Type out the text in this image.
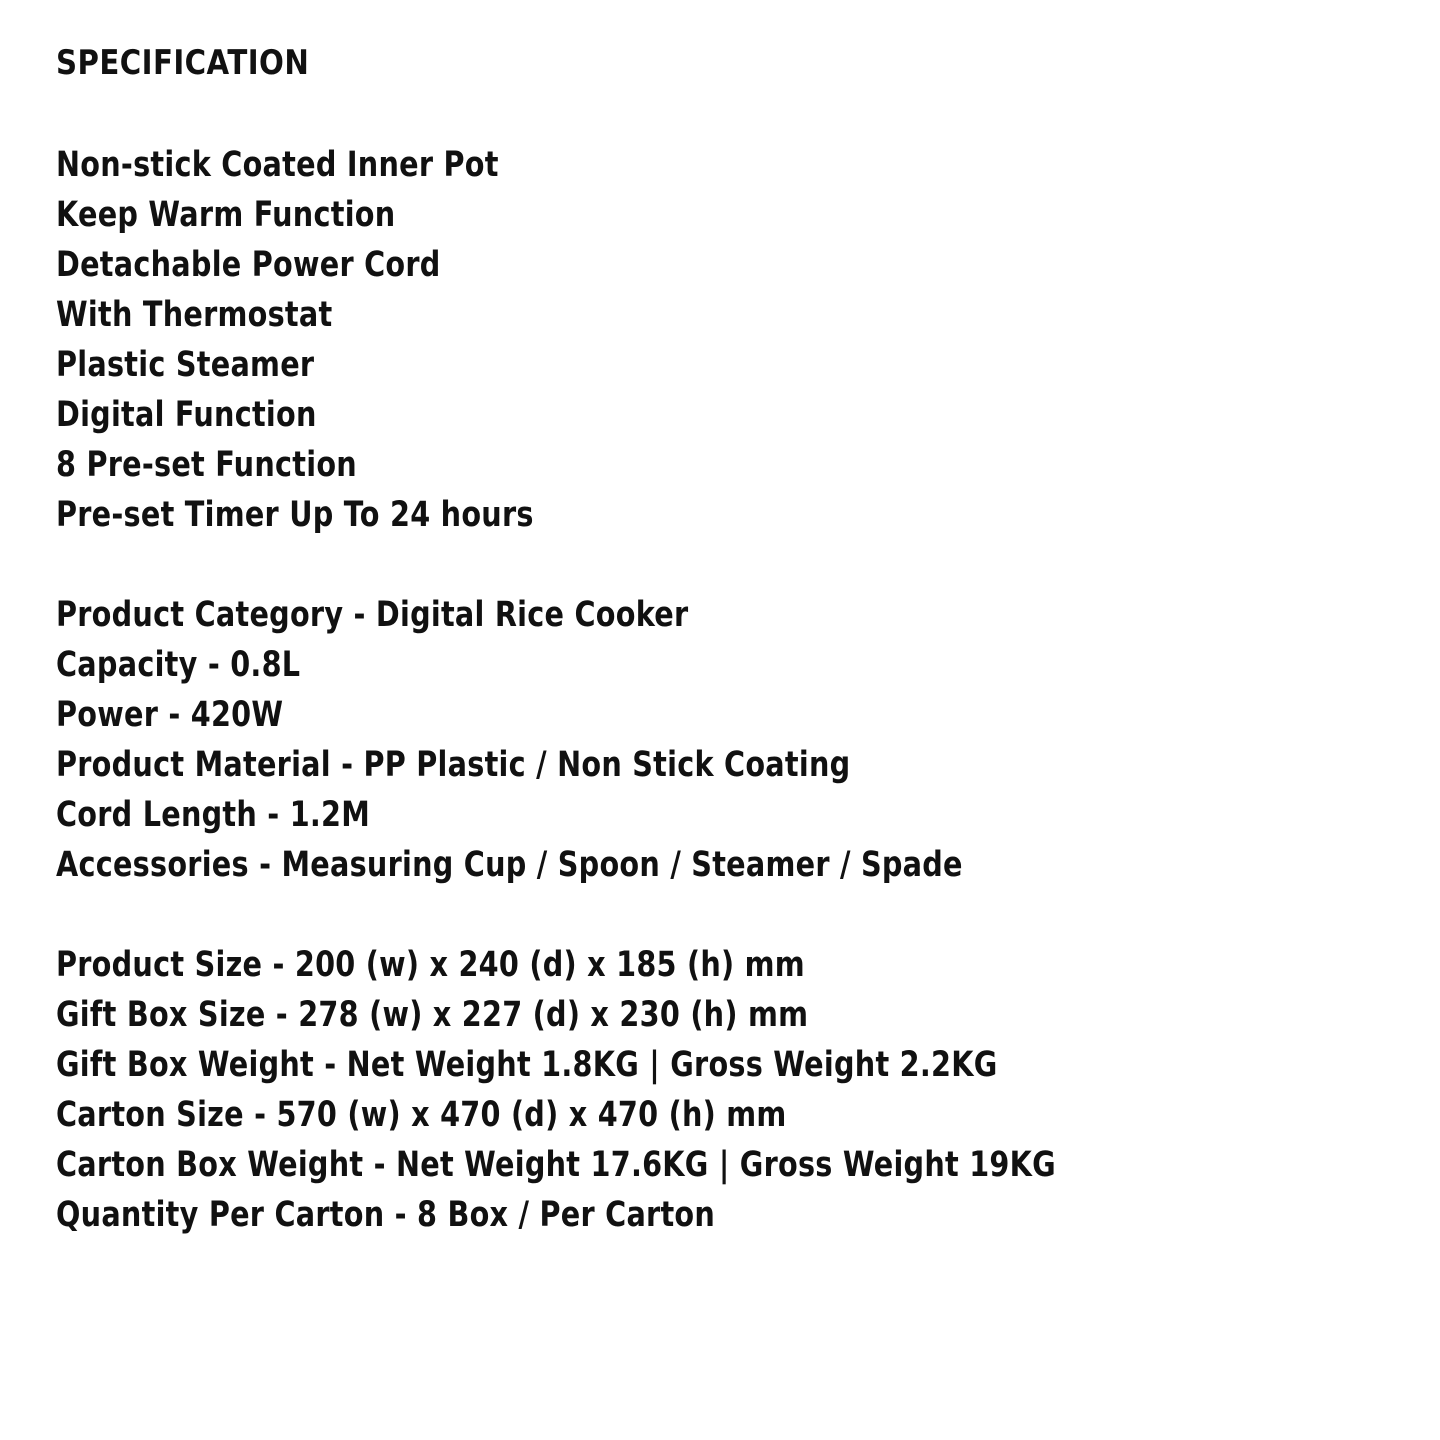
SPECIFICATION
Non-stick Coated Inner Pot
Keep Warm Function
Detachable Power Cord
With Thermostat
Plastic Steamer
Digital Function
8 Pre-set Function
Pre-set Timer Up To 24 hours
Product Category - Digital Rice Cooker
Capacity - 0.8L
Power - 420W
Product Material - PP Plastic / Non Stick Coating
Cord Length - 1.2M
Accessories - Measuring Cup / Spoon / Steamer / Spade
Product Size - 200 (w) x 240 (d) x 185 (h) mm
Gift Box Size - 278 (w) x 227 (d) x 230 (h) mm
Gift Box Weight - Net Weight 1.8KG | Gross Weight 2.2KG
Carton Size - 570 (w) x 470 (d) x 470 (h) mm
Carton Box Weight - Net Weight 17.6KG | Gross Weight 19KG
Quantity Per Carton - 8 Box / Per Carton
